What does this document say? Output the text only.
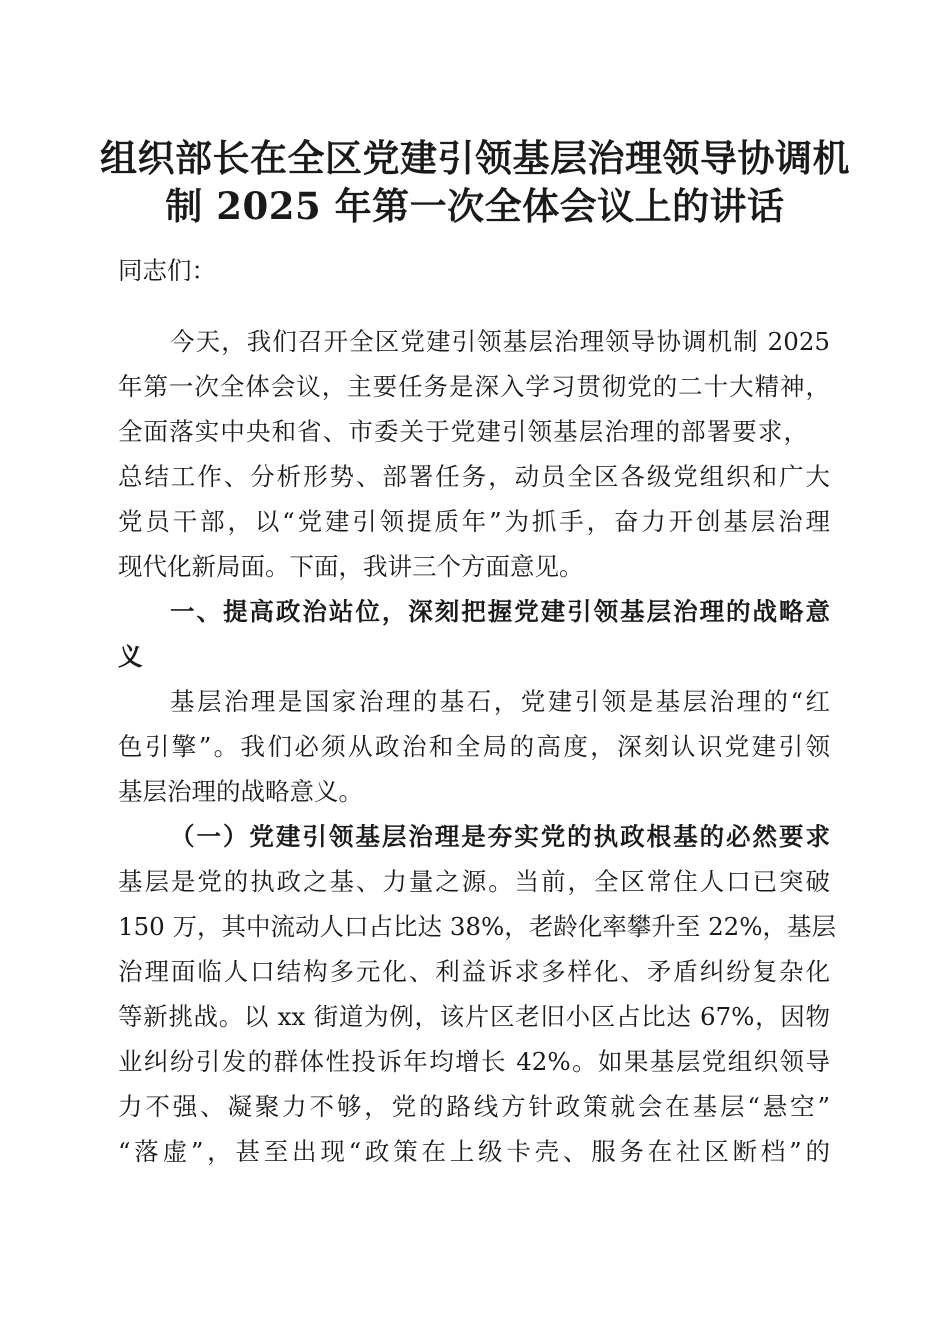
组织部长在全区党建引领基层治理领导协调机
制 2025 年第一次全体会议上的讲话
同志们：
今天，我们召开全区党建引领基层治理领导协调机制 2025
年第一次全体会议，主要任务是深入学习贯彻党的二十大精神，
全面落实中央和省、市委关于党建引领基层治理的部署要求，
总结工作、分析形势、部署任务，动员全区各级党组织和广大
党员干部，以“党建引领提质年”为抓手，奋力开创基层治理
现代化新局面。下面，我讲三个方面意见。
一、提高政治站位，深刻把握党建引领基层治理的战略意
义
基层治理是国家治理的基石，党建引领是基层治理的“红
色引擎”。我们必须从政治和全局的高度，深刻认识党建引领
基层治理的战略意义。
（一）党建引领基层治理是夯实党的执政根基的必然要求
基层是党的执政之基、力量之源。当前，全区常住人口已突破
150 万，其中流动人口占比达 38%，老龄化率攀升至 22%，基层
治理面临人口结构多元化、利益诉求多样化、矛盾纠纷复杂化
等新挑战。以 xx 街道为例，该片区老旧小区占比达 67%，因物
业纠纷引发的群体性投诉年均增长 42%。如果基层党组织领导
力不强、凝聚力不够，党的路线方针政策就会在基层“悬空”
“落虚”，甚至出现“政策在上级卡壳、服务在社区断档”的
